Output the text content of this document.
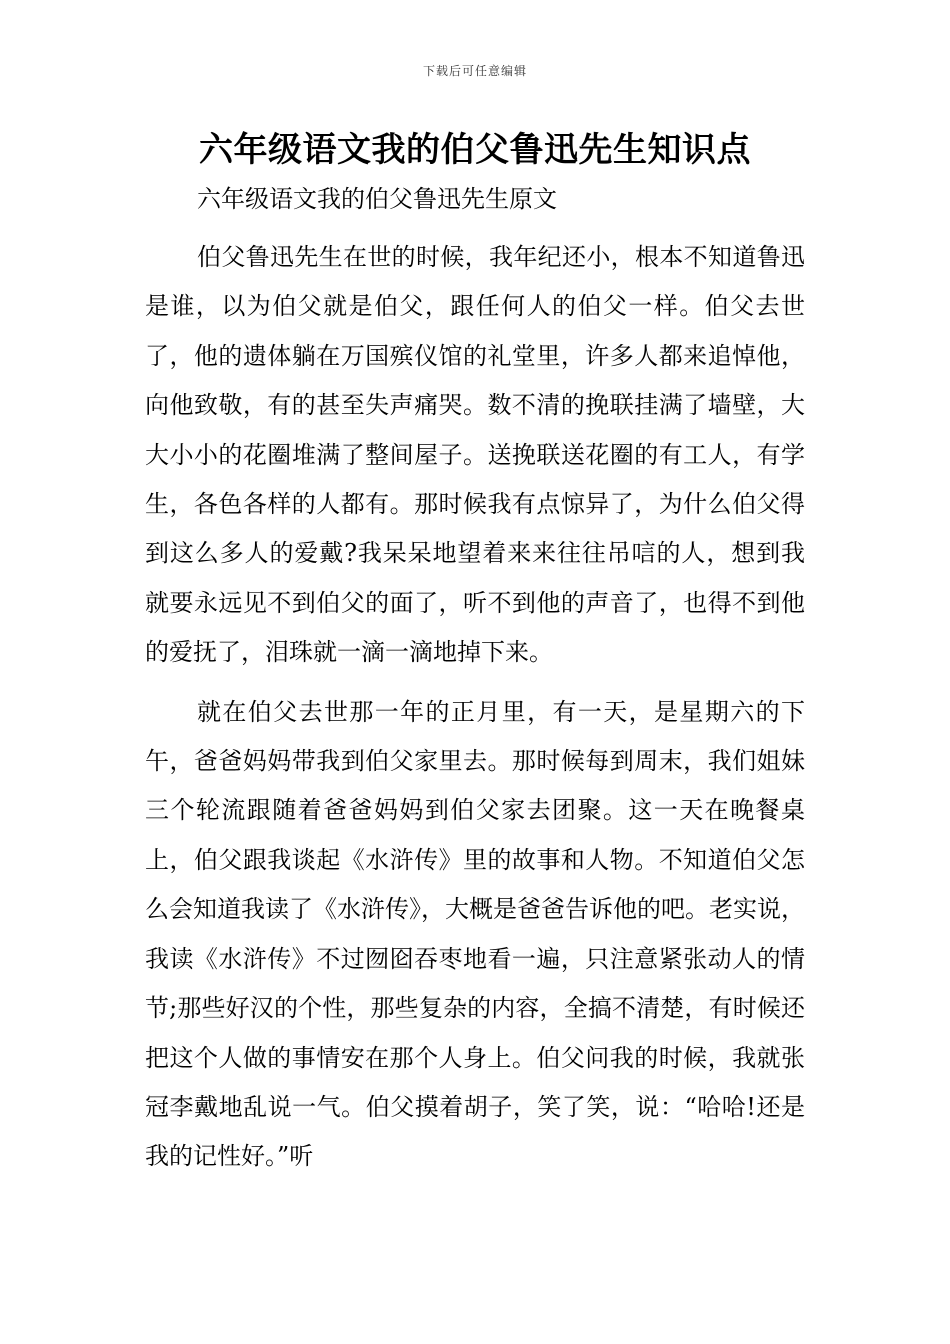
下载后可任意编辑
六年级语文我的伯父鲁迅先生知识点

六年级语文我的伯父鲁迅先生原文

伯父鲁迅先生在世的时候，我年纪还小，根本不知道鲁迅是谁，以为伯父就是伯父，跟任何人的伯父一样。伯父去世了，他的遗体躺在万国殡仪馆的礼堂里，许多人都来追悼他，向他致敬，有的甚至失声痛哭。数不清的挽联挂满了墙壁，大大小小的花圈堆满了整间屋子。送挽联送花圈的有工人，有学生，各色各样的人都有。那时候我有点惊异了，为什么伯父得到这么多人的爱戴?我呆呆地望着来来往往吊唁的人，想到我就要永远见不到伯父的面了，听不到他的声音了，也得不到他的爱抚了，泪珠就一滴一滴地掉下来。

就在伯父去世那一年的正月里，有一天，是星期六的下午，爸爸妈妈带我到伯父家里去。那时候每到周末，我们姐妹三个轮流跟随着爸爸妈妈到伯父家去团聚。这一天在晚餐桌上，伯父跟我谈起《水浒传》里的故事和人物。不知道伯父怎么会知道我读了《水浒传》，大概是爸爸告诉他的吧。老实说，我读《水浒传》不过囫囵吞枣地看一遍，只注意紧张动人的情节;那些好汉的个性，那些复杂的内容，全搞不清楚，有时候还把这个人做的事情安在那个人身上。伯父问我的时候，我就张冠李戴地乱说一气。伯父摸着胡子，笑了笑，说：“哈哈!还是我的记性好。”听
